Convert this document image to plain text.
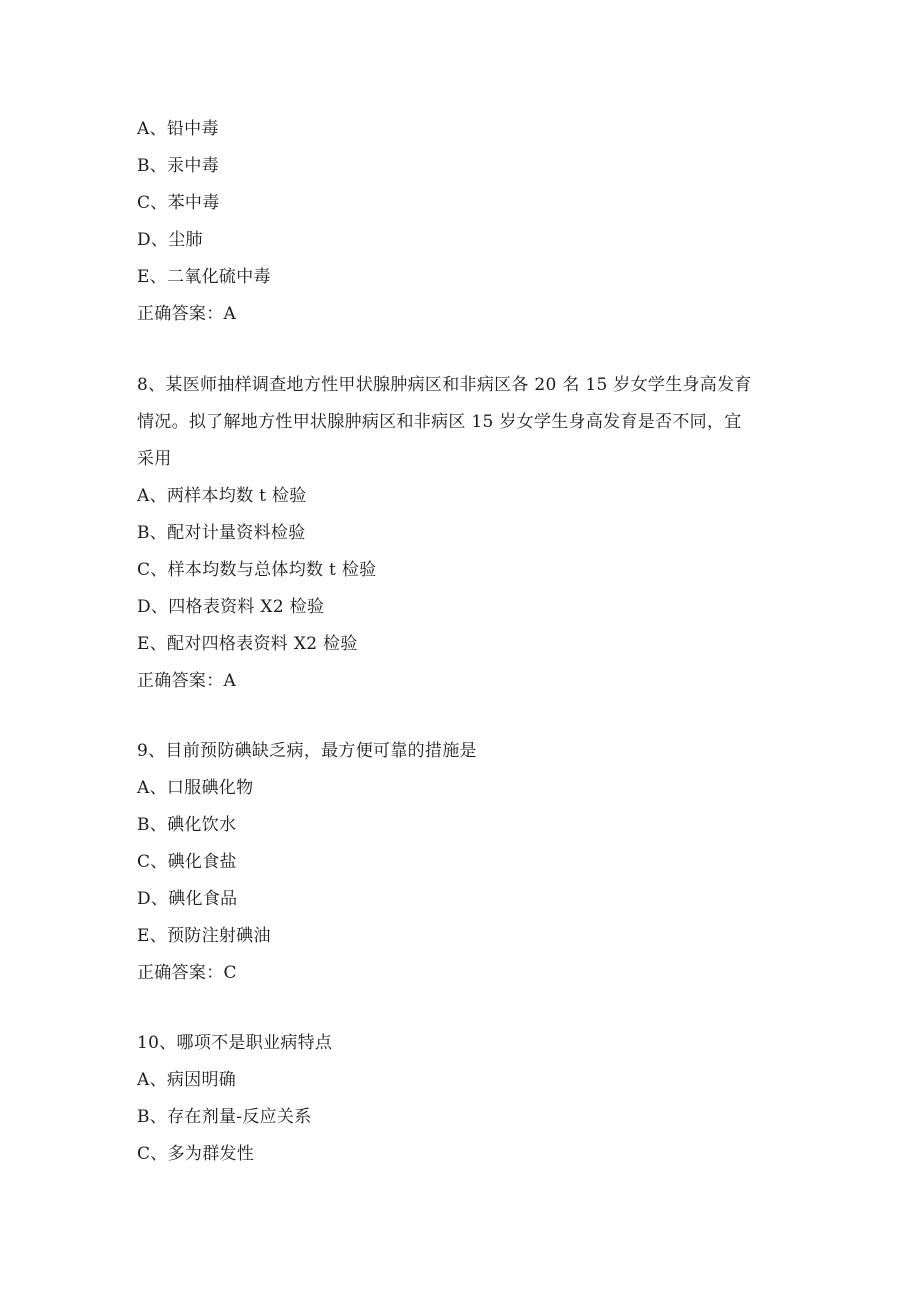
A、铅中毒
B、汞中毒
C、苯中毒
D、尘肺
E、二氧化硫中毒
正确答案：A
8、某医师抽样调查地方性甲状腺肿病区和非病区各 20 名 15 岁女学生身高发育
情况。拟了解地方性甲状腺肿病区和非病区 15 岁女学生身高发育是否不同，宜
采用
A、两样本均数 t 检验
B、配对计量资料检验
C、样本均数与总体均数 t 检验
D、四格表资料 X2 检验
E、配对四格表资料 X2 检验
正确答案：A
9、目前预防碘缺乏病，最方便可靠的措施是
A、口服碘化物
B、碘化饮水
C、碘化食盐
D、碘化食品
E、预防注射碘油
正确答案：C
10、哪项不是职业病特点
A、病因明确
B、存在剂量-反应关系
C、多为群发性
